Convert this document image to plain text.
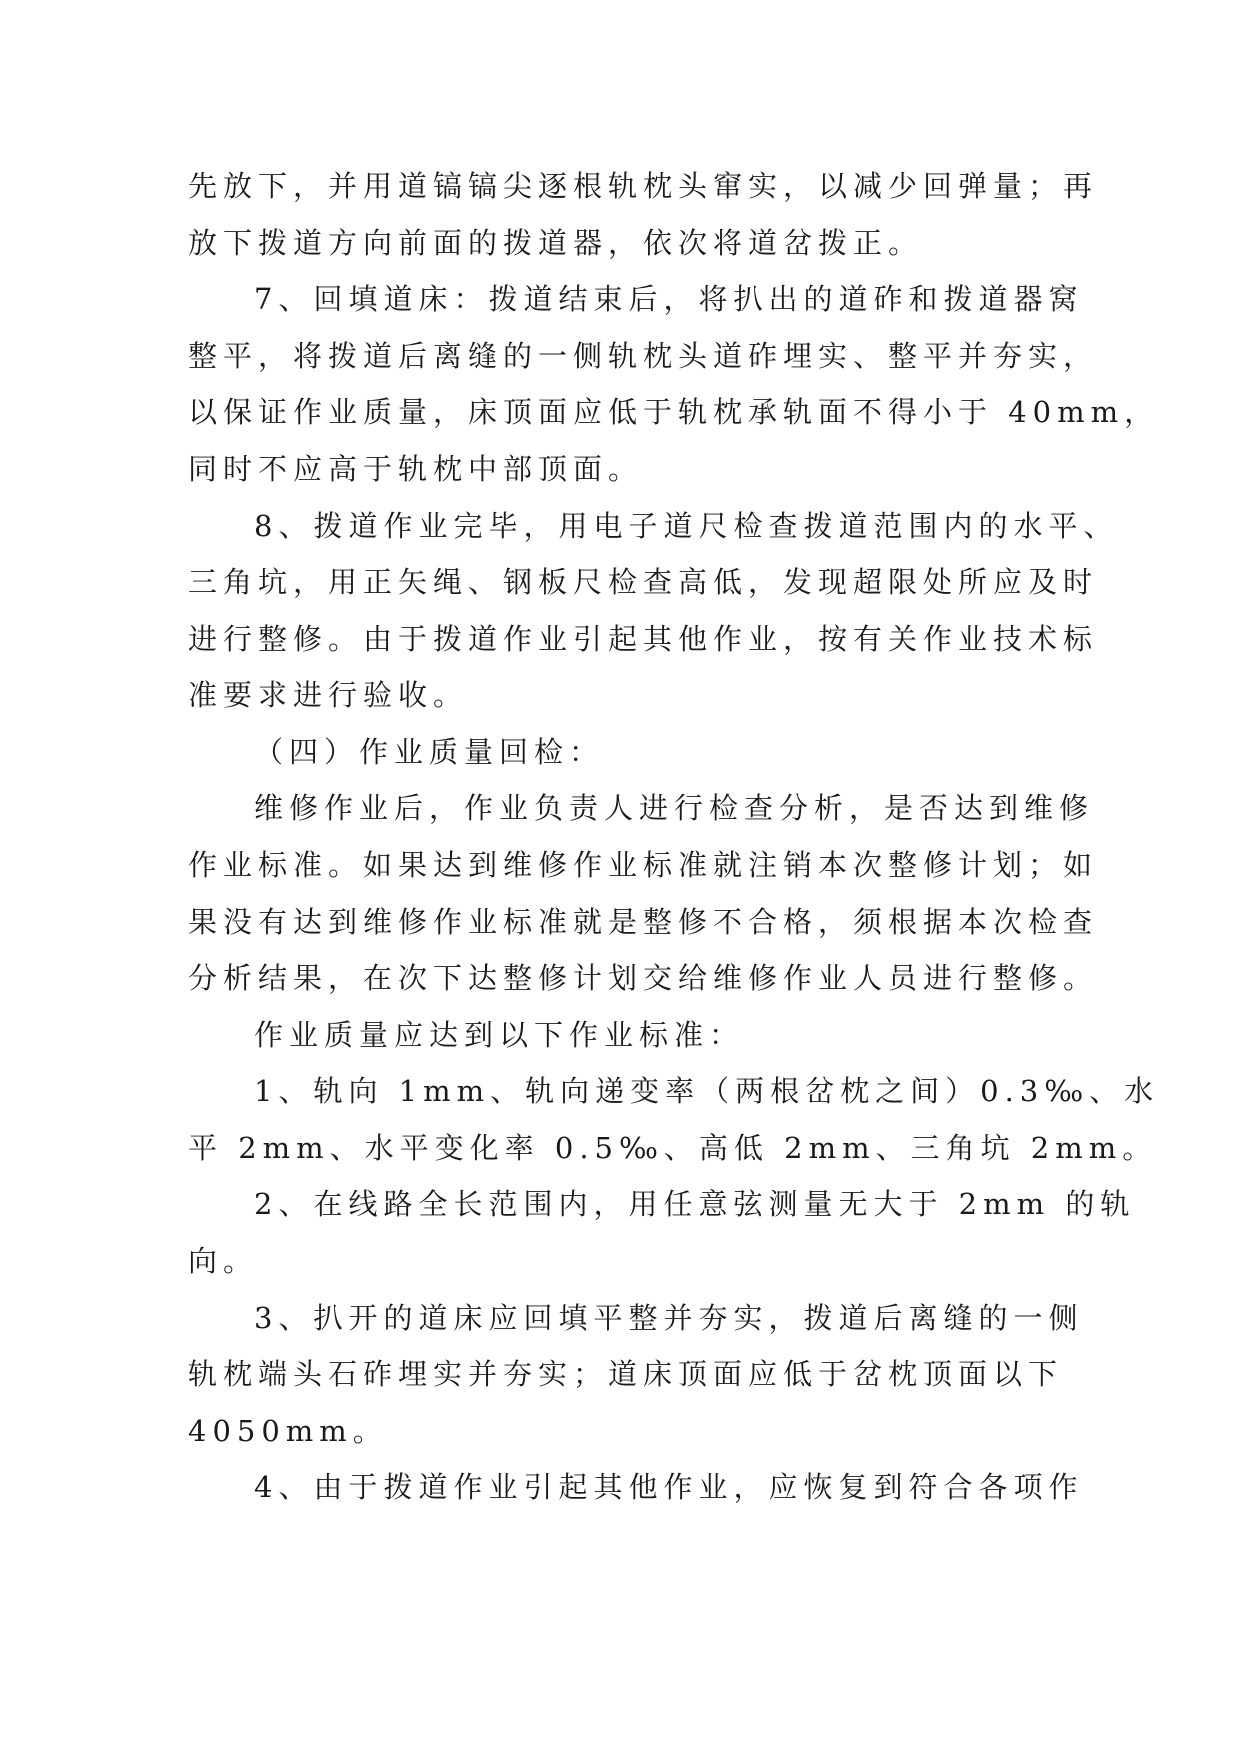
先放下，并用道镐镐尖逐根轨枕头窜实，以减少回弹量；再
放下拨道方向前面的拨道器，依次将道岔拨正。
7、回填道床：拨道结束后，将扒出的道砟和拨道器窝
整平，将拨道后离缝的一侧轨枕头道砟埋实、整平并夯实，
以保证作业质量，床顶面应低于轨枕承轨面不得小于 40mm，
同时不应高于轨枕中部顶面。
8、拨道作业完毕，用电子道尺检查拨道范围内的水平、
三角坑，用正矢绳、钢板尺检查高低，发现超限处所应及时
进行整修。由于拨道作业引起其他作业，按有关作业技术标
准要求进行验收。
（四）作业质量回检：
维修作业后，作业负责人进行检查分析，是否达到维修
作业标准。如果达到维修作业标准就注销本次整修计划；如
果没有达到维修作业标准就是整修不合格，须根据本次检查
分析结果，在次下达整修计划交给维修作业人员进行整修。
作业质量应达到以下作业标准：
1、轨向 1mm、轨向递变率（两根岔枕之间）0.3‰、水
平 2mm、水平变化率 0.5‰、高低 2mm、三角坑 2mm。
2、在线路全长范围内，用任意弦测量无大于 2mm 的轨
向。
3、扒开的道床应回填平整并夯实，拨道后离缝的一侧
轨枕端头石砟埋实并夯实；道床顶面应低于岔枕顶面以下
4050mm。
4、由于拨道作业引起其他作业，应恢复到符合各项作
